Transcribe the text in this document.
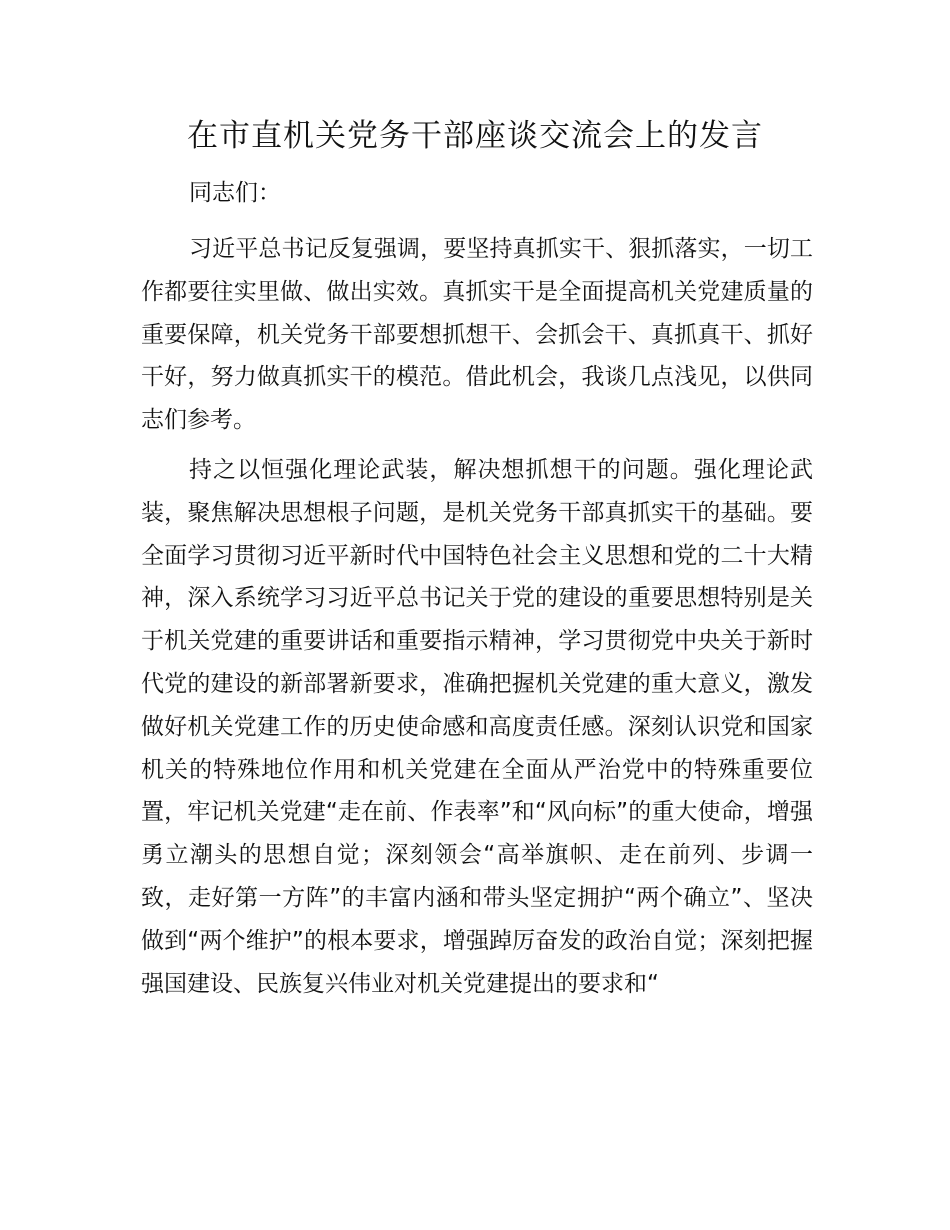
在市直机关党务干部座谈交流会上的发言

同志们：

习近平总书记反复强调，要坚持真抓实干、狠抓落实，一切工作都要往实里做、做出实效。真抓实干是全面提高机关党建质量的重要保障，机关党务干部要想抓想干、会抓会干、真抓真干、抓好干好，努力做真抓实干的模范。借此机会，我谈几点浅见，以供同志们参考。

持之以恒强化理论武装，解决想抓想干的问题。强化理论武装，聚焦解决思想根子问题，是机关党务干部真抓实干的基础。要全面学习贯彻习近平新时代中国特色社会主义思想和党的二十大精神，深入系统学习习近平总书记关于党的建设的重要思想特别是关于机关党建的重要讲话和重要指示精神，学习贯彻党中央关于新时代党的建设的新部署新要求，准确把握机关党建的重大意义，激发做好机关党建工作的历史使命感和高度责任感。深刻认识党和国家机关的特殊地位作用和机关党建在全面从严治党中的特殊重要位置，牢记机关党建“走在前、作表率”和“风向标”的重大使命，增强勇立潮头的思想自觉；深刻领会“高举旗帜、走在前列、步调一致，走好第一方阵”的丰富内涵和带头坚定拥护“两个确立”、坚决做到“两个维护”的根本要求，增强踔厉奋发的政治自觉；深刻把握强国建设、民族复兴伟业对机关党建提出的要求和“
